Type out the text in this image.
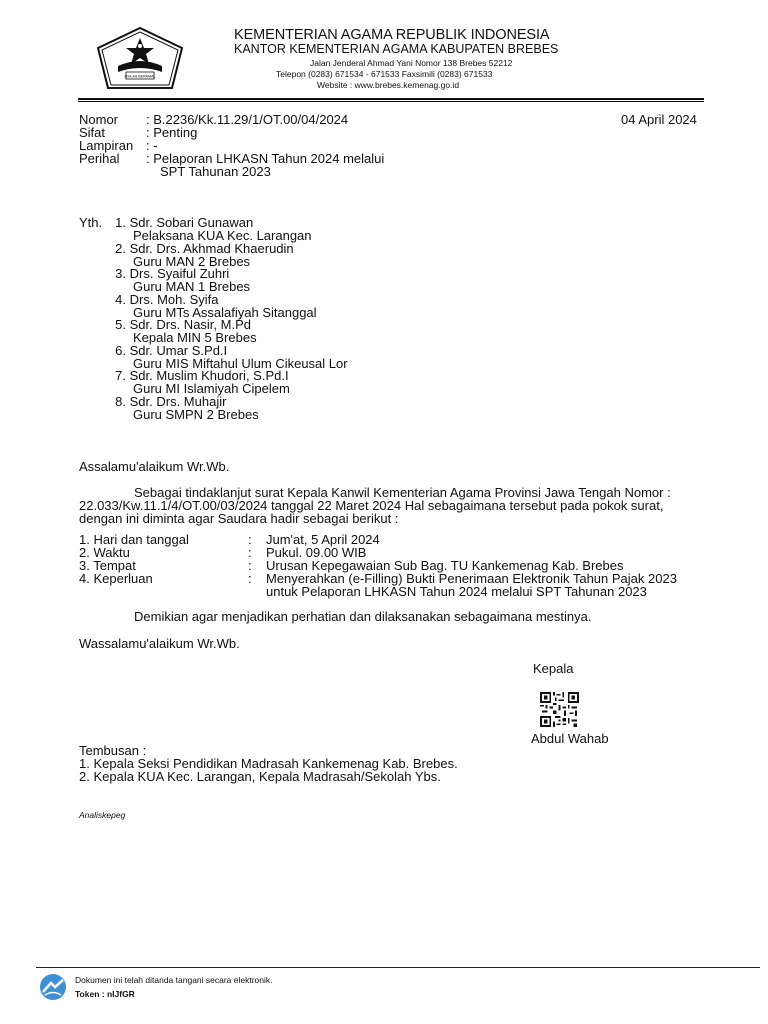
IKHLAS BERAMAL
KEMENTERIAN AGAMA REPUBLIK INDONESIA
KANTOR KEMENTERIAN AGAMA KABUPATEN BREBES
Jalan Jenderal Ahmad Yani Nomor 138 Brebes 52212
Telepon (0283) 671534 - 671533 Faxsimili (0283) 671533
Website : www.brebes.kemenag.go.id
Nomor : B.2236/Kk.11.29/1/OT.00/04/2024	04 April 2024
Sifat	: Penting
Lampiran : -
Perihal : Pelaporan LHKASN Tahun 2024 melalui
SPT Tahunan 2023
Yth. 1. Sdr. Sobari Gunawan
Pelaksana KUA Kec. Larangan
2. Sdr. Drs. Akhmad Khaerudin
Guru MAN 2 Brebes
3. Drs. Syaiful Zuhri
Guru MAN 1 Brebes
4. Drs. Moh. Syifa
Guru MTs Assalafiyah Sitanggal
5. Sdr. Drs. Nasir, M.Pd
Kepala MIN 5 Brebes
6. Sdr. Umar S.Pd.I
Guru MIS Miftahul Ulum Cikeusal Lor
7. Sdr. Muslim Khudori, S.Pd.I
Guru MI Islamiyah Cipelem
8. Sdr. Drs. Muhajir
Guru SMPN 2 Brebes
Assalamu'alaikum Wr.Wb.
Sebagai tindaklanjut surat Kepala Kanwil Kementerian Agama Provinsi Jawa Tengah Nomor :
22.033/Kw.11.1/4/OT.00/03/2024 tanggal 22 Maret 2024 Hal sebagaimana tersebut pada pokok surat,
dengan ini diminta agar Saudara hadir sebagai berikut :
1. Hari dan tanggal	: Jum'at, 5 April 2024
2. Waktu	: Pukul. 09.00 WIB
3. Tempat	: Urusan Kepegawaian Sub Bag. TU Kankemenag Kab. Brebes
4. Keperluan	: Menyerahkan (e-Filling) Bukti Penerimaan Elektronik Tahun Pajak 2023
untuk Pelaporan LHKASN Tahun 2024 melalui SPT Tahunan 2023
Demikian agar menjadikan perhatian dan dilaksanakan sebagaimana mestinya.
Wassalamu'alaikum Wr.Wb.
Kepala
Abdul Wahab
Tembusan :
1. Kepala Seksi Pendidikan Madrasah Kankemenag Kab. Brebes.
2. Kepala KUA Kec. Larangan, Kepala Madrasah/Sekolah Ybs.
Analiskepeg
Dokumen ini telah ditanda tangani secara elektronik.
Token : nIJfGR
